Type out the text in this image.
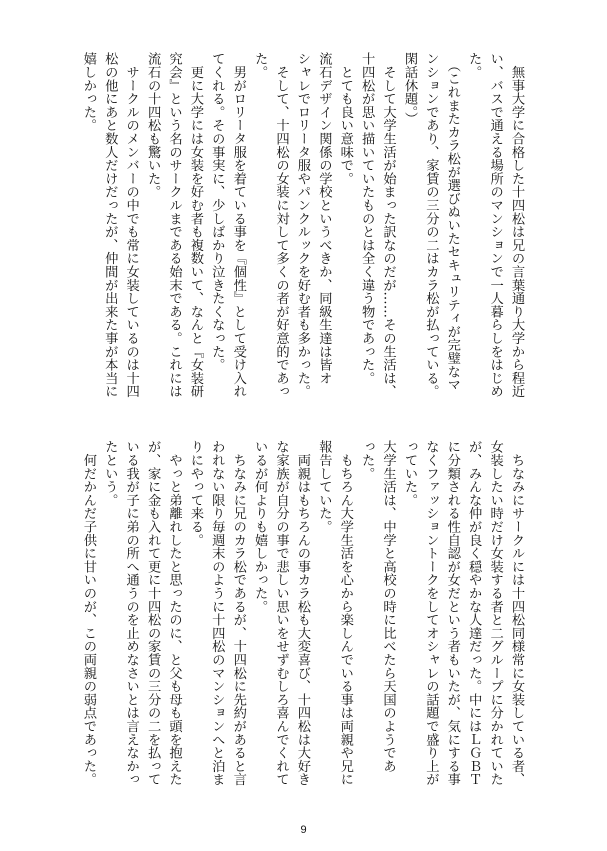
　無事大学に合格した十四松は兄の言葉通り大学から程近
い、バスで通える場所のマンションで一人暮らしをはじめ
た。
　（これまたカラ松が選びぬいたセキュリティが完璧なマ
ンションであり、家賃の三分の二はカラ松が払っている。
閑話休題。）
　そして大学生活が始まった訳なのだが……その生活は、
十四松が思い描いていたものとは全く違う物であった。
　とても良い意味で。
流石デザイン関係の学校というべきか、同級生達は皆オ
シャレでロリータ服やパンクルックを好む者も多かった。
　そして、十四松の女装に対して多くの者が好意的であっ
た。
　男がロリータ服を着ている事を『個性』として受け入れ
てくれる。その事実に、少しばかり泣きたくなった。
　更に大学には女装を好む者も複数いて、なんと『女装研
究会』という名のサークルまである始末である。これには
流石の十四松も驚いた。
　サークルのメンバーの中でも常に女装しているのは十四
松の他にあと数人だけだったが、仲間が出来た事が本当に
嬉しかった。
　ちなみにサークルには十四松同様常に女装している者、
女装したい時だけ女装する者と二グループに分かれていた
が、みんな仲が良く穏やかな人達だった。中にはＬＧＢＴ
に分類される性自認が女だという者もいたが、気にする事
なくファッショントークをしてオシャレの話題で盛り上が
っていた。
大学生活は、中学と高校の時に比べたら天国のようであ
った。
　もちろん大学生活を心から楽しんでいる事は両親や兄に
報告していた。
　両親はもちろんの事カラ松も大変喜び、十四松は大好き
な家族が自分の事で悲しい思いをせずむしろ喜んでくれて
いるが何よりも嬉しかった。
　ちなみに兄のカラ松であるが、十四松に先約があると言
われない限り毎週末のように十四松のマンションへと泊ま
りにやって来る。
　やっと弟離れしたと思ったのに、と父も母も頭を抱えた
が、家に金も入れて更に十四松の家賃の三分の二を払って
いる我が子に弟の所へ通うのを止めなさいとは言えなかっ
たという。
　何だかんだ子供に甘いのが、この両親の弱点であった。
9
